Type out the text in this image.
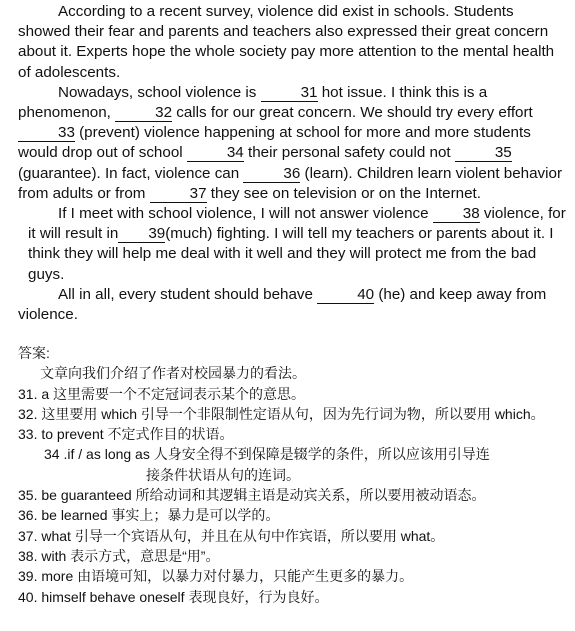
According to a recent survey, violence did exist in schools. Students showed their fear and parents and teachers also expressed their great concern about it. Experts hope the whole society pay more attention to the mental health of adolescents.

Nowadays, school violence is	31 hot issue. I think this is a phenomenon,	32 calls for our great concern. We should try every effort 33 (prevent) violence happening at school for more and more students would drop out of school	34 their personal safety could not	35 (guarantee). In fact, violence can	36 (learn). Children learn violent behavior from adults or from	37 they see on television or on the Internet.

If I meet with school violence, I will not answer violence 38 violence, for it will result in 39(much) fighting. I will tell my teachers or parents about it. I think they will help me deal with it well and they will protect me from the bad guys.

All in all, every student should behave	40 (he) and keep away from violence.

答案:

文章向我们介绍了作者对校园暴力的看法。

31. a 这里需要一个不定冠词表示某个的意思。

32. 这里要用 which 引导一个非限制性定语从句，因为先行词为物，所以要用 which。

33. to prevent 不定式作目的状语。

34 .if / as long as 人身安全得不到保障是辍学的条件，所以应该用引导连
接条件状语从句的连词。

35. be guaranteed 所给动词和其逻辑主语是动宾关系，所以要用被动语态。

36. be learned 事实上；暴力是可以学的。

37. what 引导一个宾语从句，并且在从句中作宾语，所以要用 what。

38. with 表示方式，意思是“用”。

39. more 由语境可知，以暴力对付暴力，只能产生更多的暴力。

40. himself behave oneself 表现良好，行为良好。
